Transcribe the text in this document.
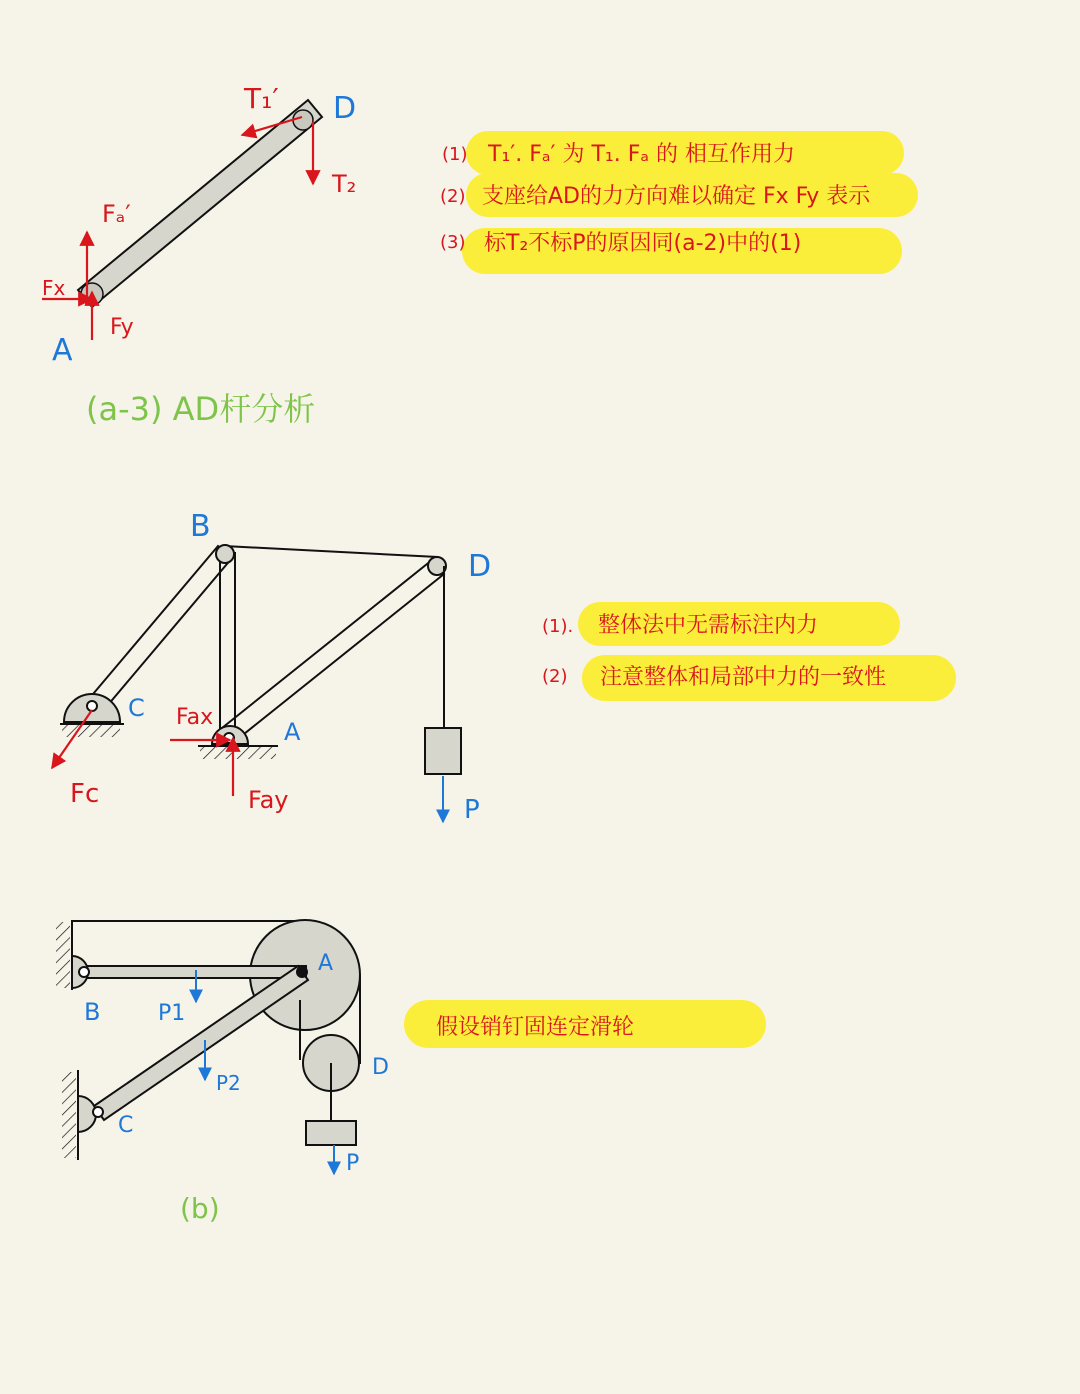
T₁′ D
T₂
Fₐ′
Fx
Fy
A
(a-3) AD杆分析
(1) T₁′. Fₐ′ 为 T₁. Fₐ 的 相互作用力
(2) 支座给AD的力方向难以确定 Fx Fy 表示
(3) 标T₂不标P的原因同(a-2)中的(1)
B
D
C
A
Fc
Fax
Fay	P
(1). 整体法中无需标注内力
(2) 注意整体和局部中力的一致性
A
B	P1
P2
C
D
P
(b)
假设销钉固连定滑轮
